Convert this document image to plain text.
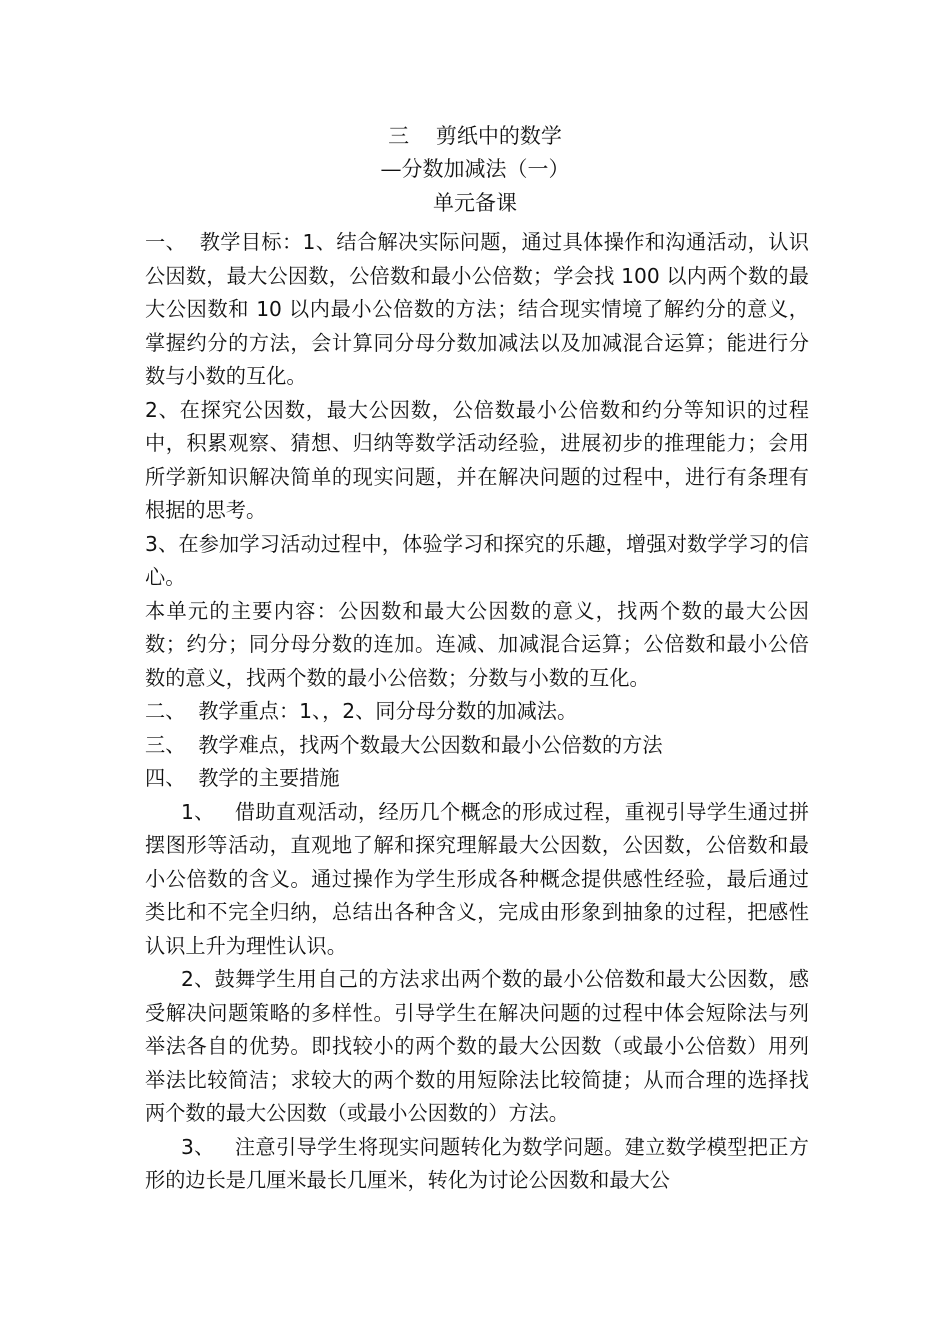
三    剪纸中的数学
—分数加减法（一）
单元备课

一、  教学目标：1、结合解决实际问题，通过具体操作和沟通活动，认识公因数，最大公因数，公倍数和最小公倍数；学会找 100 以内两个数的最大公因数和 10 以内最小公倍数的方法；结合现实情境了解约分的意义，掌握约分的方法，会计算同分母分数加减法以及加减混合运算；能进行分数与小数的互化。

2、在探究公因数，最大公因数，公倍数最小公倍数和约分等知识的过程中，积累观察、猜想、归纳等数学活动经验，进展初步的推理能力；会用所学新知识解决简单的现实问题，并在解决问题的过程中，进行有条理有根据的思考。

3、在参加学习活动过程中，体验学习和探究的乐趣，增强对数学学习的信心。

本单元的主要内容：公因数和最大公因数的意义，找两个数的最大公因数；约分；同分母分数的连加。连减、加减混合运算；公倍数和最小公倍数的意义，找两个数的最小公倍数；分数与小数的互化。

二、  教学重点：1、，2、同分母分数的加减法。

三、  教学难点，找两个数最大公因数和最小公倍数的方法

四、  教学的主要措施

1、   借助直观活动，经历几个概念的形成过程，重视引导学生通过拼摆图形等活动，直观地了解和探究理解最大公因数，公因数，公倍数和最小公倍数的含义。通过操作为学生形成各种概念提供感性经验，最后通过类比和不完全归纳，总结出各种含义，完成由形象到抽象的过程，把感性认识上升为理性认识。

2、鼓舞学生用自己的方法求出两个数的最小公倍数和最大公因数，感受解决问题策略的多样性。引导学生在解决问题的过程中体会短除法与列举法各自的优势。即找较小的两个数的最大公因数（或最小公倍数）用列举法比较简洁；求较大的两个数的用短除法比较简捷；从而合理的选择找两个数的最大公因数（或最小公因数的）方法。

3、   注意引导学生将现实问题转化为数学问题。建立数学模型把正方形的边长是几厘米最长几厘米，转化为讨论公因数和最大公
